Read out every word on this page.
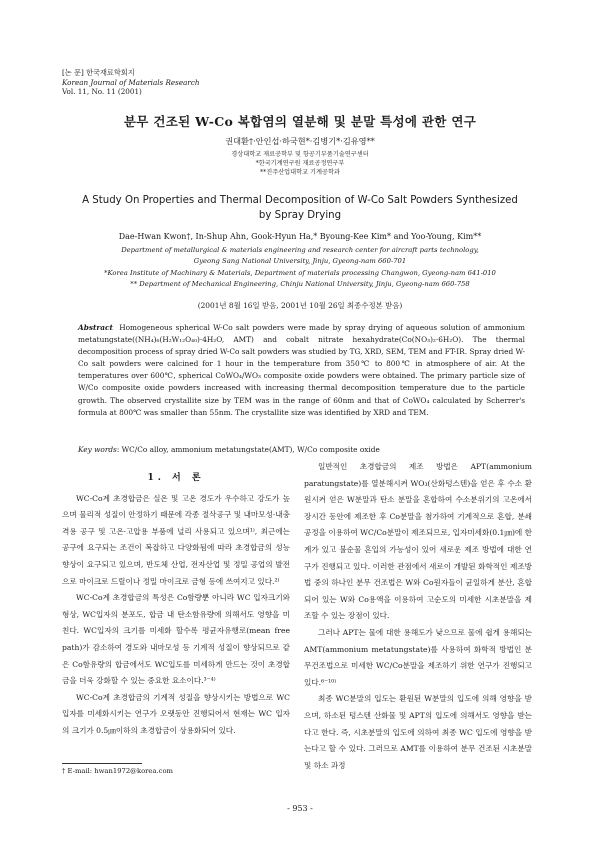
[논 문] 한국재료학회지
Korean Journal of Materials Research
Vol. 11, No. 11 (2001)
분무 건조된 W-Co 복합염의 열분해 및 분말 특성에 관한 연구
권대환†·안인섭·하국현*·김병기*·김유영**
경상대학교 재료공학부 및 항공기부품기술연구센터
*한국기계연구원 재료공정연구부
**진주산업대학교 기계공학과
A Study On Properties and Thermal Decomposition of W-Co Salt Powders Synthesized
by Spray Drying
Dae-Hwan Kwon†, In-Shup Ahn, Gook-Hyun Ha,* Byoung-Kee Kim* and Yoo-Young, Kim**
Department of metallurgical & materials engineering and research center for aircraft parts technology,
Gyeong Sang National University, Jinju, Gyeong-nam 660-701
*Korea Institute of Machinary & Materials, Department of materials processing Changwon, Gyeong-nam 641-010
** Department of Mechanical Engineering, Chinju National University, Jinju, Gyeong-nam 660-758
(2001년 8월 16일 받음, 2001년 10월 26일 최종수정본 받음)
Abstract Homogeneous spherical W-Co salt powders were made by spray drying of aqueous solution of ammonium metatungstate((NH₄)₆(H₂W₁₂O₄₀)·4H₂O, AMT) and cobalt nitrate hexahydrate(Co(NO₃)₂·6H₂O). The thermal decomposition process of spray dried W-Co salt powders was studied by TG, XRD, SEM, TEM and FT-IR. Spray dried W-Co salt powders were calcined for 1 hour in the temperature from 350℃ to 800℃ in atmosphere of air. At the temperatures over 600℃, spherical CoWO₄/WO₃ composite oxide powders were obtained. The primary particle size of W/Co composite oxide powders increased with increasing thermal decomposition temperature due to the particle growth. The observed crystallite size by TEM was in the range of 60nm and that of CoWO₄ calculated by Scherrer's formula at 800℃ was smaller than 55nm. The crystallite size was identified by XRD and TEM.
Key words: WC/Co alloy, ammonium metatungstate(AMT), W/Co composite oxide
1. 서 론

WC-Co계 초경합금은 실온 및 고온 경도가 우수하고 강도가 높으며 물리적 성질이 안정하기 때문에 각종 절삭공구 및 내마모성·내충격용 공구 및 고온·고압용 부품에 널리 사용되고 있으며¹⁾, 최근에는 공구에 요구되는 조건이 복잡하고 다양화됨에 따라 초경합금의 성능 향상이 요구되고 있으며, 반도체 산업, 전자산업 및 정밀 공업의 발전으로 마이크로 드릴이나 정밀 마이크로 금형 등에 쓰여지고 있다.²⁾

WC-Co계 초경합금의 특성은 Co함량뿐 아니라 WC 입자크기와 형상, WC입자의 분포도, 합금 내 탄소함유량에 의해서도 영향을 미친다. WC입자의 크기를 미세화 할수록 평균자유행로(mean free path)가 감소하여 경도와 내마모성 등 기계적 성질이 향상되므로 같은 Co함유량의 합금에서도 WC입도를 미세하게 만드는 것이 초경합금을 더욱 강화할 수 있는 중요한 요소이다.³⁻⁴⁾

WC-Co계 초경합금의 기계적 성질을 향상시키는 방법으로 WC입자를 미세화시키는 연구가 오랫동안 진행되어서 현재는 WC 입자의 크기가 0.5㎛이하의 초경합금이 상용화되어 있다.

일반적인 초경합금의 제조 방법은 APT(ammonium paratungstate)를 열분해시켜 WO₃(산화텅스텐)을 얻은 후 수소 환원시켜 얻은 W분말과 탄소 분말을 혼합하여 수소분위기의 고온에서 장시간 동안에 제조한 후 Co분말을 첨가하여 기계적으로 혼합, 분쇄공정을 이용하여 WC/Co분말이 제조되므로, 입자미세화(0.1㎛)에 한계가 있고 불순물 혼입의 가능성이 있어 새로운 제조 방법에 대한 연구가 진행되고 있다. 이러한 관점에서 새로이 개발된 화학적인 제조방법 중의 하나인 분무 건조법은 W와 Co원자들이 균일하게 분산, 혼합되어 있는 W와 Co용액을 이용하여 고순도의 미세한 시초분말을 제조할 수 있는 장점이 있다.

그러나 APT는 물에 대한 용해도가 낮으므로 물에 쉽게 용해되는 AMT(ammonium metatungstate)를 사용하여 화학적 방법인 분무건조법으로 미세한 WC/Co분말을 제조하기 위한 연구가 진행되고 있다.⁶⁻¹⁰⁾

최종 WC분말의 입도는 환원된 W분말의 입도에 의해 영향을 받으며, 하소된 텅스텐 산화물 및 APT의 입도에 의해서도 영향을 받는다고 한다. 즉, 시초분말의 입도에 의하여 최종 WC 입도에 영향을 받는다고 할 수 있다. 그러므로 AMT를 이용하여 분무 건조된 시초분말 및 하소 과정

† E-mail: hwan1972@korea.com
- 953 -
